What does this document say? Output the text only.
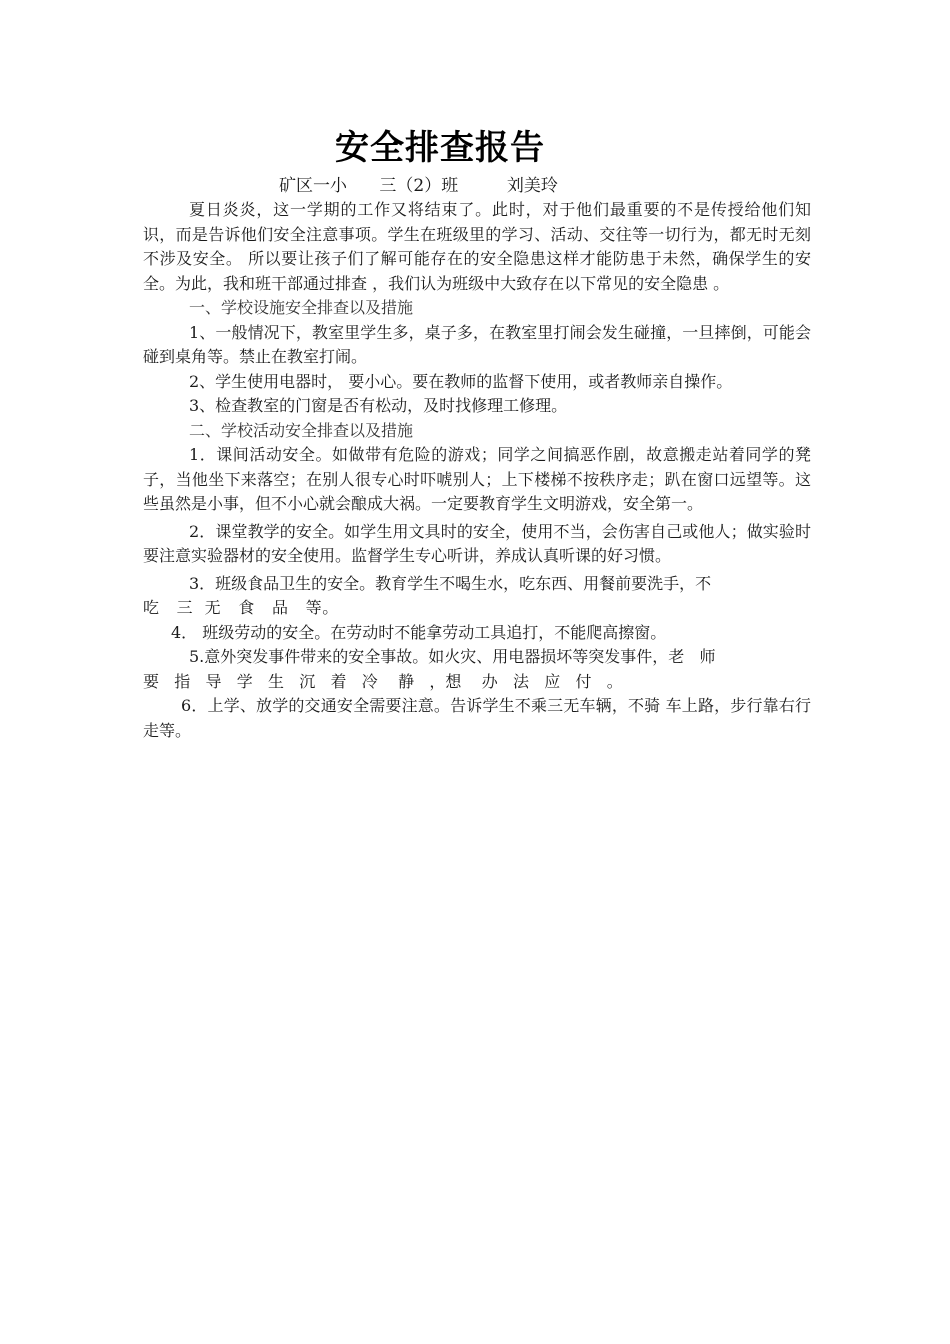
安全排查报告
矿区一小      三（2）班         刘美玲

夏日炎炎，这一学期的工作又将结束了。此时，对于他们最重要的不是传授给他们知识，而是告诉他们安全注意事项。学生在班级里的学习、活动、交往等一切行为，都无时无刻不涉及安全。 所以要让孩子们了解可能存在的安全隐患这样才能防患于未然，确保学生的安全。为此，我和班干部通过排查 ，我们认为班级中大致存在以下常见的安全隐患 。

一、学校设施安全排查以及措施

1、一般情况下，教室里学生多，桌子多，在教室里打闹会发生碰撞，一旦摔倒，可能会碰到桌角等。禁止在教室打闹。

2、学生使用电器时， 要小心。要在教师的监督下使用，或者教师亲自操作。

3、检查教室的门窗是否有松动，及时找修理工修理。

二、学校活动安全排查以及措施

1．课间活动安全。如做带有危险的游戏；同学之间搞恶作剧，故意搬走站着同学的凳子，当他坐下来落空；在别人很专心时吓唬别人；上下楼梯不按秩序走；趴在窗口远望等。这些虽然是小事，但不小心就会酿成大祸。一定要教育学生文明游戏，安全第一。

2．课堂教学的安全。如学生用文具时的安全，使用不当，会伤害自己或他人；做实验时要注意实验器材的安全使用。监督学生专心听讲，养成认真听课的好习惯。

3．班级食品卫生的安全。教育学生不喝生水，吃东西、用餐前要洗手，不

吃   三  无   食   品   等。

4． 班级劳动的安全。在劳动时不能拿劳动工具追打，不能爬高擦窗。

5.意外突发事件带来的安全事故。如火灾、用电器损坏等突发事件，老   师

要   指   导   学   生   沉   着   冷    静   ，想    办   法   应   付   。

6．上学、放学的交通安全需要注意。告诉学生不乘三无车辆，不骑 车上路，步行靠右行走等。
